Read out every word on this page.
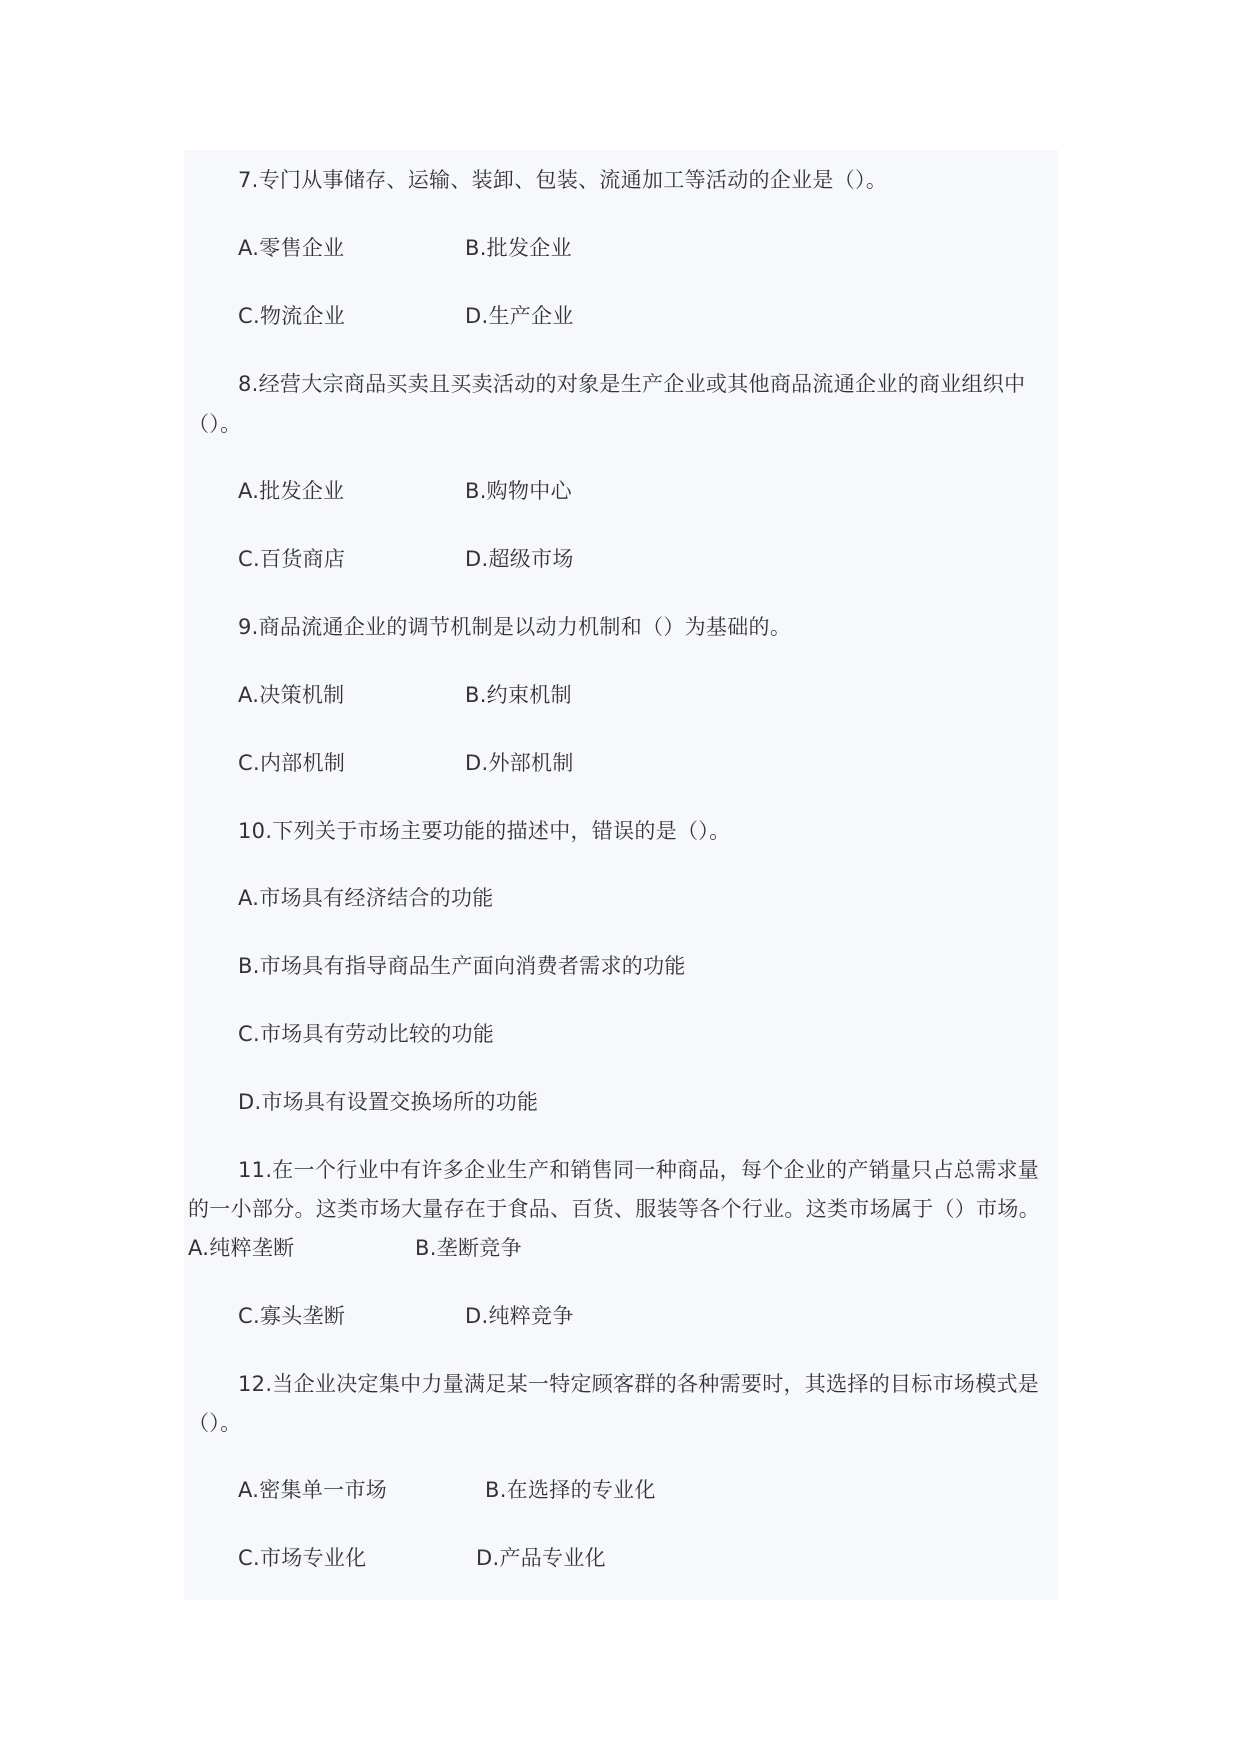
7.专门从事储存、运输、装卸、包装、流通加工等活动的企业是（）。
A.零售企业	B.批发企业
C.物流企业	D.生产企业
8.经营大宗商品买卖且买卖活动的对象是生产企业或其他商品流通企业的商业组织中
（）。
A.批发企业	B.购物中心
C.百货商店	D.超级市场
9.商品流通企业的调节机制是以动力机制和（）为基础的。
A.决策机制	B.约束机制
C.内部机制	D.外部机制
10.下列关于市场主要功能的描述中，错误的是（）。
A.市场具有经济结合的功能
B.市场具有指导商品生产面向消费者需求的功能
C.市场具有劳动比较的功能
D.市场具有设置交换场所的功能
11.在一个行业中有许多企业生产和销售同一种商品，每个企业的产销量只占总需求量
的一小部分。这类市场大量存在于食品、百货、服装等各个行业。这类市场属于（）市场。
A.纯粹垄断	B.垄断竞争
C.寡头垄断	D.纯粹竞争
12.当企业决定集中力量满足某一特定顾客群的各种需要时，其选择的目标市场模式是
（）。
A.密集单一市场	B.在选择的专业化
C.市场专业化	D.产品专业化
